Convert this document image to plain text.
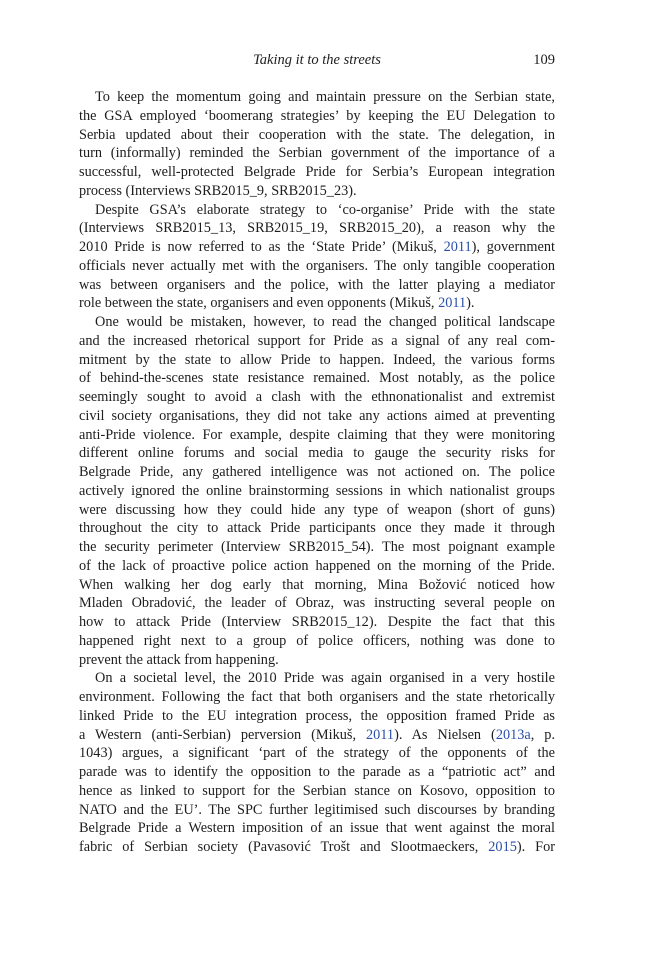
Taking it to the streets	109
To keep the momentum going and maintain pressure on the Serbian state,
the GSA employed ‘boomerang strategies’ by keeping the EU Delegation to
Serbia updated about their cooperation with the state. The delegation, in
turn (informally) reminded the Serbian government of the importance of a
successful, well-protected Belgrade Pride for Serbia’s European integration
process (Interviews SRB2015_9, SRB2015_23).
Despite GSA’s elaborate strategy to ‘co-organise’ Pride with the state
(Interviews SRB2015_13, SRB2015_19, SRB2015_20), a reason why the
2010 Pride is now referred to as the ‘State Pride’ (Mikuš, 2011), government
officials never actually met with the organisers. The only tangible cooperation
was between organisers and the police, with the latter playing a mediator
role between the state, organisers and even opponents (Mikuš, 2011).
One would be mistaken, however, to read the changed political landscape
and the increased rhetorical support for Pride as a signal of any real com-
mitment by the state to allow Pride to happen. Indeed, the various forms
of behind-the-scenes state resistance remained. Most notably, as the police
seemingly sought to avoid a clash with the ethnonationalist and extremist
civil society organisations, they did not take any actions aimed at preventing
anti-Pride violence. For example, despite claiming that they were monitoring
different online forums and social media to gauge the security risks for
Belgrade Pride, any gathered intelligence was not actioned on. The police
actively ignored the online brainstorming sessions in which nationalist groups
were discussing how they could hide any type of weapon (short of guns)
throughout the city to attack Pride participants once they made it through
the security perimeter (Interview SRB2015_54). The most poignant example
of the lack of proactive police action happened on the morning of the Pride.
When walking her dog early that morning, Mina Božović noticed how
Mladen Obradović, the leader of Obraz, was instructing several people on
how to attack Pride (Interview SRB2015_12). Despite the fact that this
happened right next to a group of police officers, nothing was done to
prevent the attack from happening.
On a societal level, the 2010 Pride was again organised in a very hostile
environment. Following the fact that both organisers and the state rhetorically
linked Pride to the EU integration process, the opposition framed Pride as
a Western (anti-Serbian) perversion (Mikuš, 2011). As Nielsen (2013a, p.
1043) argues, a significant ‘part of the strategy of the opponents of the
parade was to identify the opposition to the parade as a “patriotic act” and
hence as linked to support for the Serbian stance on Kosovo, opposition to
NATO and the EU’. The SPC further legitimised such discourses by branding
Belgrade Pride a Western imposition of an issue that went against the moral
fabric of Serbian society (Pavasović Trošt and Slootmaeckers, 2015). For
